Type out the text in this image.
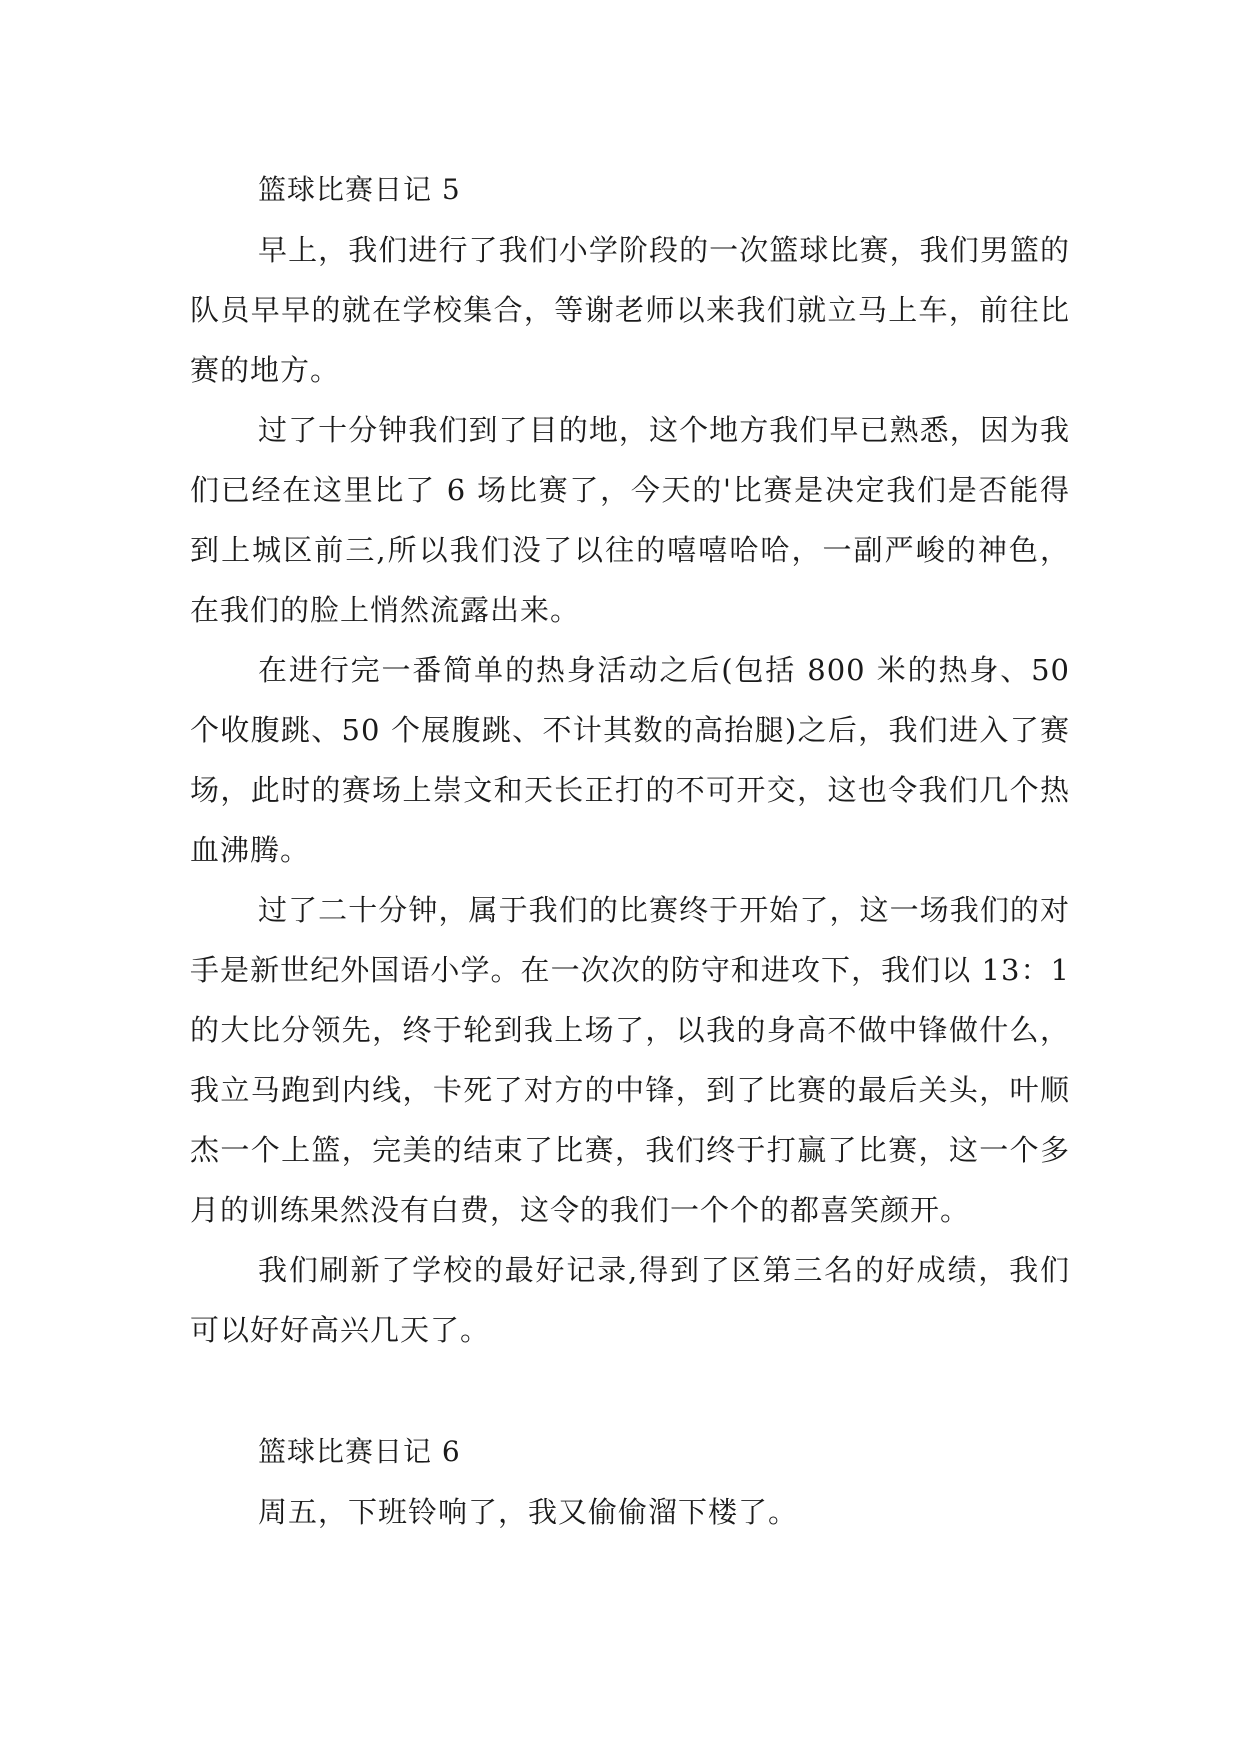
篮球比赛日记 5

早上，我们进行了我们小学阶段的一次篮球比赛，我们男篮的队员早早的就在学校集合，等谢老师以来我们就立马上车，前往比赛的地方。

过了十分钟我们到了目的地，这个地方我们早已熟悉，因为我们已经在这里比了 6 场比赛了，今天的'比赛是决定我们是否能得到上城区前三,所以我们没了以往的嘻嘻哈哈，一副严峻的神色，在我们的脸上悄然流露出来。

在进行完一番简单的热身活动之后(包括 800 米的热身、50 个收腹跳、50 个展腹跳、不计其数的高抬腿)之后，我们进入了赛场，此时的赛场上崇文和天长正打的不可开交，这也令我们几个热血沸腾。

过了二十分钟，属于我们的比赛终于开始了，这一场我们的对手是新世纪外国语小学。在一次次的防守和进攻下，我们以 13：1 的大比分领先，终于轮到我上场了，以我的身高不做中锋做什么，我立马跑到内线，卡死了对方的中锋，到了比赛的最后关头，叶顺杰一个上篮，完美的结束了比赛，我们终于打赢了比赛，这一个多月的训练果然没有白费，这令的我们一个个的都喜笑颜开。

我们刷新了学校的最好记录,得到了区第三名的好成绩，我们可以好好高兴几天了。

篮球比赛日记 6

周五，下班铃响了，我又偷偷溜下楼了。
